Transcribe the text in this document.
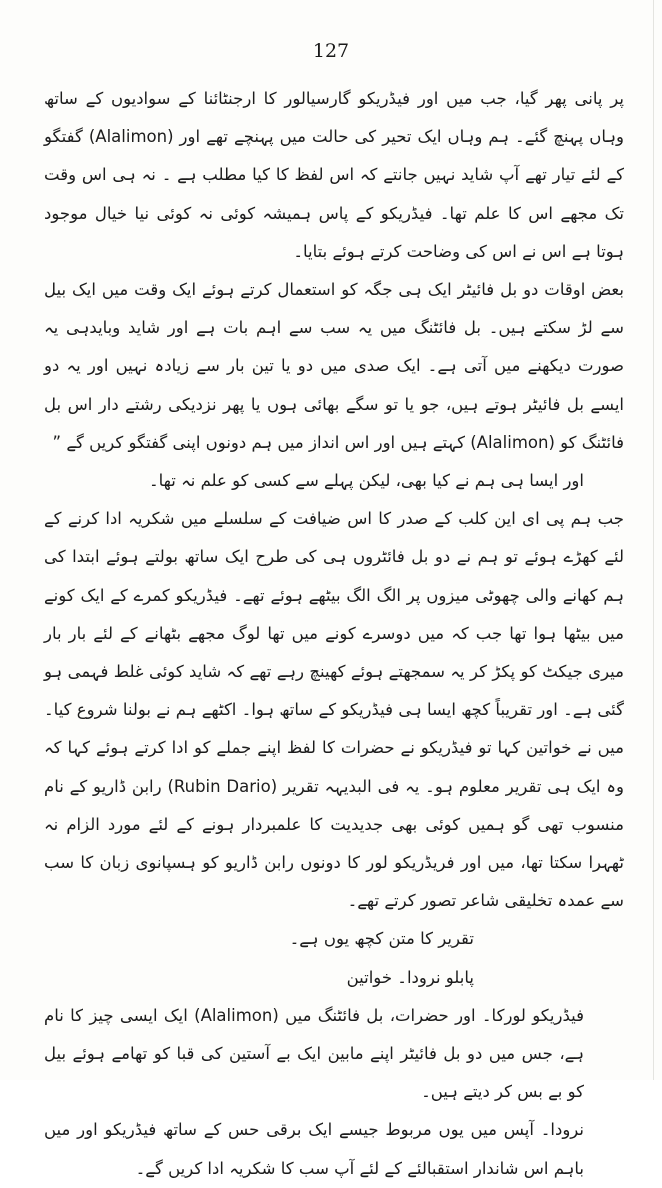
127

پر پانی پھر گیا، جب میں اور فیڈریکو گارسیالور کا ارجنٹائنا کے سوادیوں کے ساتھ وہاں پہنچ گئے۔ ہم وہاں ایک تحیر کی حالت میں پہنچے تھے اور (Alalimon) گفتگو کے لئے تیار تھے آپ شاید نہیں جانتے کہ اس لفظ کا کیا مطلب ہے ۔ نہ ہی اس وقت تک مجھے اس کا علم تھا۔ فیڈریکو کے پاس ہمیشہ کوئی نہ کوئی نیا خیال موجود ہوتا ہے اس نے اس کی وضاحت کرتے ہوئے بتایا۔

بعض اوقات دو بل فائیٹر ایک ہی جگہ کو استعمال کرتے ہوئے ایک وقت میں ایک بیل سے لڑ سکتے ہیں۔ بل فائٹنگ میں یہ سب سے اہم بات ہے اور شاید وبایدہی یہ صورت دیکھنے میں آتی ہے۔ ایک صدی میں دو یا تین بار سے زیادہ نہیں اور یہ دو ایسے بل فائیٹر ہوتے ہیں، جو یا تو سگے بھائی ہوں یا پھر نزدیکی رشتے دار اس بل فائٹنگ کو (Alalimon) کہتے ہیں اور اس انداز میں ہم دونوں اپنی گفتگو کریں گے ”

اور ایسا ہی ہم نے کیا بھی، لیکن پہلے سے کسی کو علم نہ تھا۔

جب ہم پی ای این کلب کے صدر کا اس ضیافت کے سلسلے میں شکریہ ادا کرنے کے لئے کھڑے ہوئے تو ہم نے دو بل فائٹروں ہی کی طرح ایک ساتھ بولتے ہوئے ابتدا کی ہم کھانے والی چھوٹی میزوں پر الگ الگ بیٹھے ہوئے تھے۔ فیڈریکو کمرے کے ایک کونے میں بیٹھا ہوا تھا جب کہ میں دوسرے کونے میں تھا لوگ مجھے بٹھانے کے لئے بار بار میری جیکٹ کو پکڑ کر یہ سمجھتے ہوئے کھینچ رہے تھے کہ شاید کوئی غلط فہمی ہو گئی ہے۔ اور تقریباً کچھ ایسا ہی فیڈریکو کے ساتھ ہوا۔ اکٹھے ہم نے بولنا شروع کیا۔ میں نے خواتین کہا تو فیڈریکو نے حضرات کا لفظ اپنے جملے کو ادا کرتے ہوئے کہا کہ وہ ایک ہی تقریر معلوم ہو۔ یہ فی البدیہہ تقریر (Rubin Dario) رابن ڈاریو کے نام منسوب تھی گو ہمیں کوئی بھی جدیدیت کا علمبردار ہونے کے لئے مورد الزام نہ ٹھہرا سکتا تھا، میں اور فریڈریکو لور کا دونوں رابن ڈاریو کو ہسپانوی زبان کا سب سے عمدہ تخلیقی شاعر تصور کرتے تھے۔

تقریر کا متن کچھ یوں ہے۔

پابلو نرودا۔ خواتین

فیڈریکو لورکا۔ اور حضرات، بل فائٹنگ میں (Alalimon) ایک ایسی چیز کا نام ہے، جس میں دو بل فائیٹر اپنے مابین ایک بے آستین کی قبا کو تھامے ہوئے بیل کو بے بس کر دیتے ہیں۔

نرودا۔ آپس میں یوں مربوط جیسے ایک برقی حس کے ساتھ فیڈریکو اور میں باہم اس شاندار استقبالئے کے لئے آپ سب کا شکریہ ادا کریں گے۔
